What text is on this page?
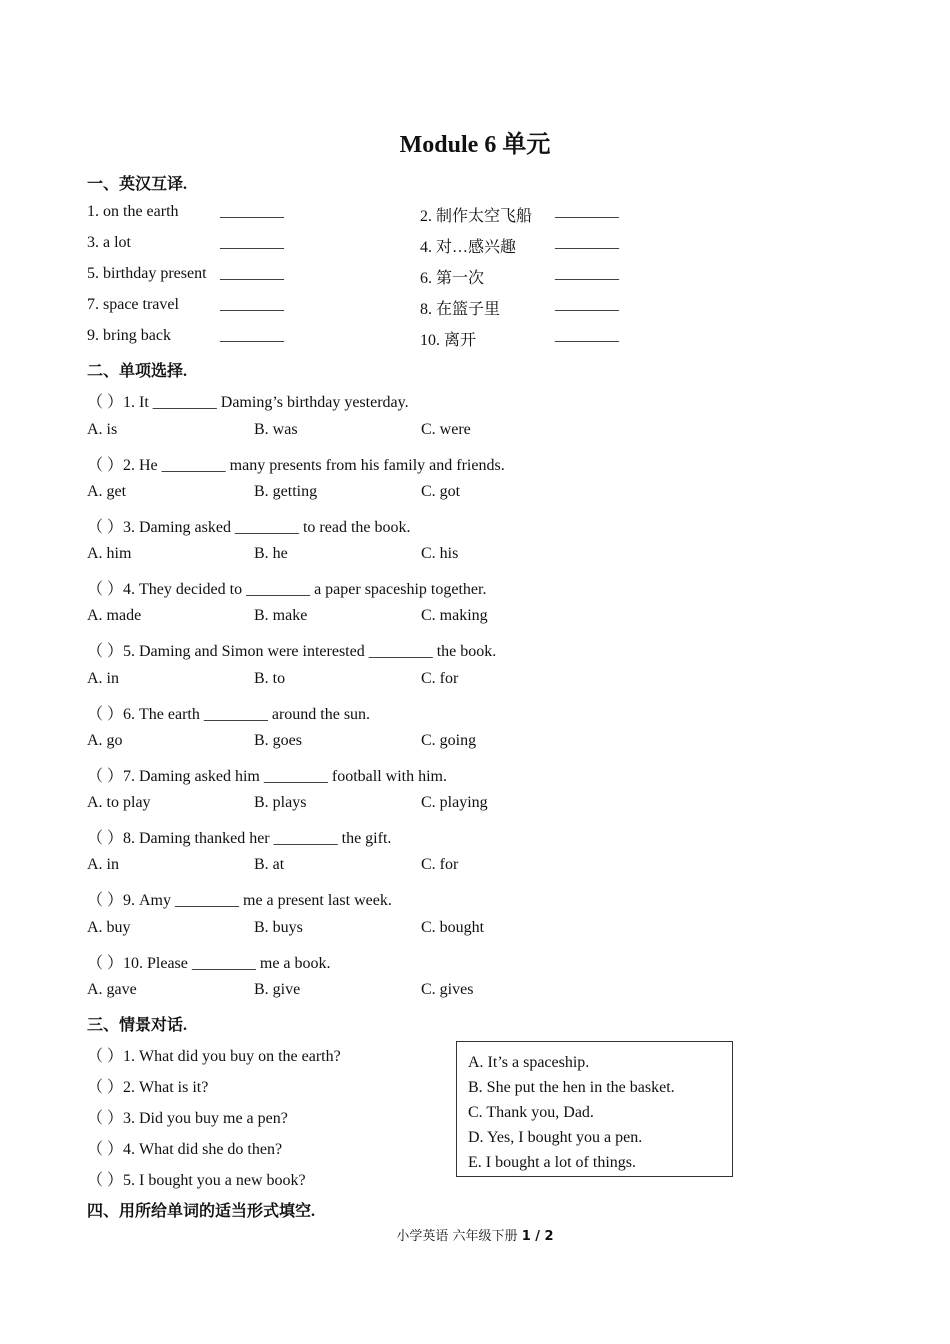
Module 6 单元
一、英汉互译.
1. on the earth	________	2. 制作太空飞船 ________
3. a lot	________	4. 对…感兴趣 ________
5. birthday present ________	6. 第一次	________
7. space travel	________	8. 在篮子里	________
9. bring back	________	10. 离开	________
二、单项选择.
（ ）1. It ________ Daming’s birthday yesterday.
A. is	B. was	C. were
（ ）2. He ________ many presents from his family and friends.
A. get	B. getting	C. got
（ ）3. Daming asked ________ to read the book.
A. him	B. he	C. his
（ ）4. They decided to ________ a paper spaceship together.
A. made	B. make	C. making
（ ）5. Daming and Simon were interested ________ the book.
A. in	B. to	C. for
（ ）6. The earth ________ around the sun.
A. go	B. goes	C. going
（ ）7. Daming asked him ________ football with him.
A. to play	B. plays	C. playing
（ ）8. Daming thanked her ________ the gift.
A. in	B. at	C. for
（ ）9. Amy ________ me a present last week.
A. buy	B. buys	C. bought
（ ）10. Please ________ me a book.
A. gave	B. give	C. gives
三、情景对话.
（ ）1. What did you buy on the earth?
（ ）2. What is it?
（ ）3. Did you buy me a pen?
（ ）4. What did she do then?
（ ）5. I bought you a new book?
A. It’s a spaceship.
B. She put the hen in the basket.
C. Thank you, Dad.
D. Yes, I bought you a pen.
E. I bought a lot of things.
四、用所给单词的适当形式填空.
小学英语 六年级下册 1 / 2
